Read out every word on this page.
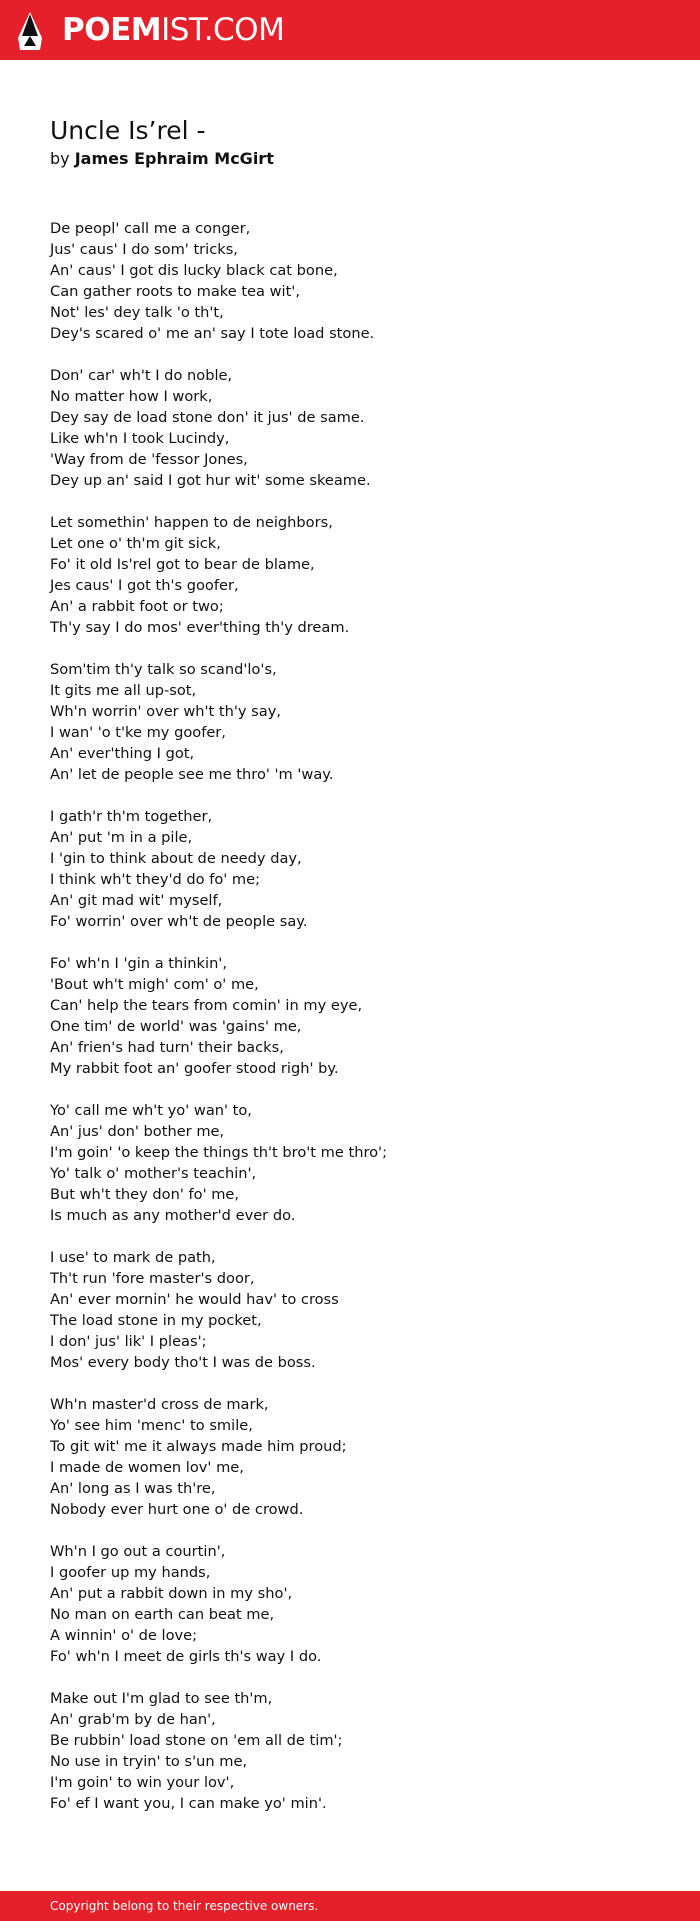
POEMIST.COM
Uncle Is’rel -
by James Ephraim McGirt
De peopl' call me a conger,
Jus' caus' I do som' tricks,
An' caus' I got dis lucky black cat bone,
Can gather roots to make tea wit',
Not' les' dey talk 'o th't,
Dey's scared o' me an' say I tote load stone.
Don' car' wh't I do noble,
No matter how I work,
Dey say de load stone don' it jus' de same.
Like wh'n I took Lucindy,
'Way from de 'fessor Jones,
Dey up an' said I got hur wit' some skeame.
Let somethin' happen to de neighbors,
Let one o' th'm git sick,
Fo' it old Is'rel got to bear de blame,
Jes caus' I got th's goofer,
An' a rabbit foot or two;
Th'y say I do mos' ever'thing th'y dream.
Som'tim th'y talk so scand'lo's,
It gits me all up-sot,
Wh'n worrin' over wh't th'y say,
I wan' 'o t'ke my goofer,
An' ever'thing I got,
An' let de people see me thro' 'm 'way.
I gath'r th'm together,
An' put 'm in a pile,
I 'gin to think about de needy day,
I think wh't they'd do fo' me;
An' git mad wit' myself,
Fo' worrin' over wh't de people say.
Fo' wh'n I 'gin a thinkin',
'Bout wh't migh' com' o' me,
Can' help the tears from comin' in my eye,
One tim' de world' was 'gains' me,
An' frien's had turn' their backs,
My rabbit foot an' goofer stood righ' by.
Yo' call me wh't yo' wan' to,
An' jus' don' bother me,
I'm goin' 'o keep the things th't bro't me thro';
Yo' talk o' mother's teachin',
But wh't they don' fo' me,
Is much as any mother'd ever do.
I use' to mark de path,
Th't run 'fore master's door,
An' ever mornin' he would hav' to cross
The load stone in my pocket,
I don' jus' lik' I pleas';
Mos' every body tho't I was de boss.
Wh'n master'd cross de mark,
Yo' see him 'menc' to smile,
To git wit' me it always made him proud;
I made de women lov' me,
An' long as I was th're,
Nobody ever hurt one o' de crowd.
Wh'n I go out a courtin',
I goofer up my hands,
An' put a rabbit down in my sho',
No man on earth can beat me,
A winnin' o' de love;
Fo' wh'n I meet de girls th's way I do.
Make out I'm glad to see th'm,
An' grab'm by de han',
Be rubbin' load stone on 'em all de tim';
No use in tryin' to s'un me,
I'm goin' to win your lov',
Fo' ef I want you, I can make yo' min'.
Copyright belong to their respective owners.
